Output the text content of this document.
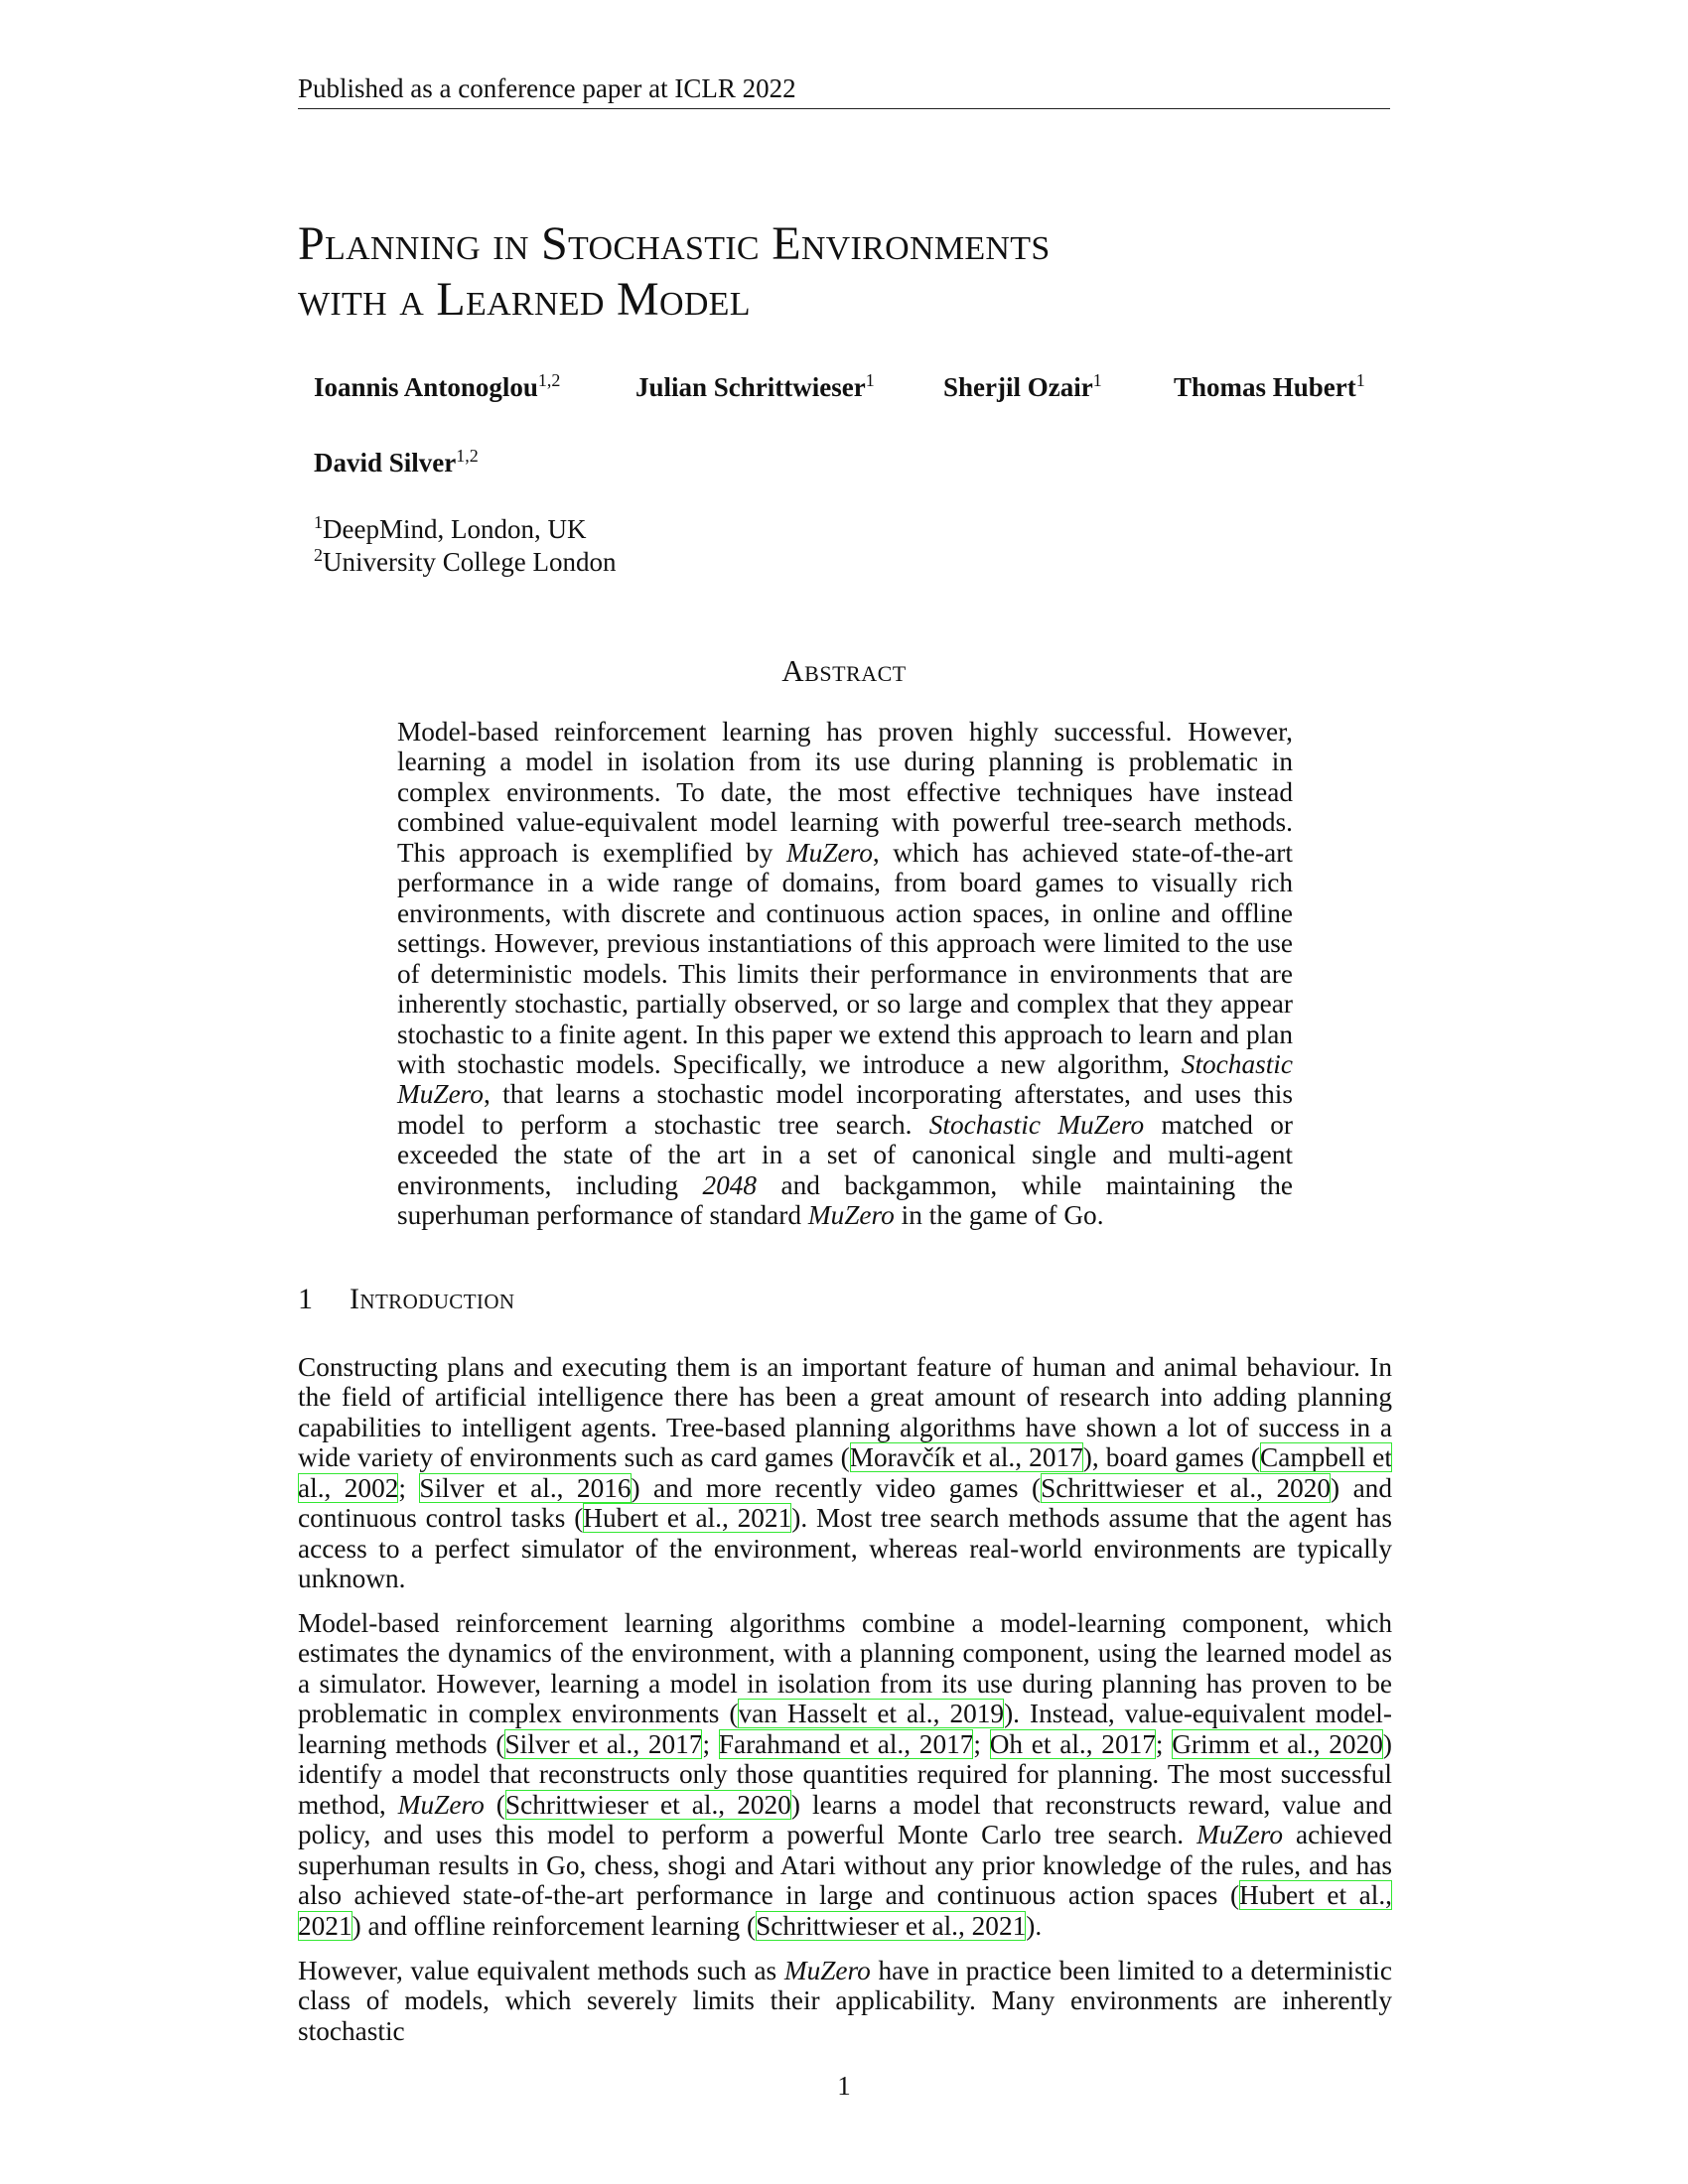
Published as a conference paper at ICLR 2022
Planning in Stochastic Environments
with a Learned Model
Ioannis Antonoglou$^{1,2}$	Julian Schrittwieser$^1$	Sherjil Ozair$^1$	Thomas Hubert$^1$
David Silver$^{1,2}$
$^1$DeepMind, London, UK
$^2$University College London
Abstract

Model-based reinforcement learning has proven highly successful. However, learning a model in isolation from its use during planning is problematic in complex environments. To date, the most effective techniques have instead combined value-equivalent model learning with powerful tree-search methods. This approach is exemplified by MuZero, which has achieved state-of-the-art performance in a wide range of domains, from board games to visually rich environments, with discrete and continuous action spaces, in online and offline settings. However, previous instantiations of this approach were limited to the use of deterministic models. This limits their performance in environments that are inherently stochastic, partially observed, or so large and complex that they appear stochastic to a finite agent. In this paper we extend this approach to learn and plan with stochastic models. Specifically, we introduce a new algorithm, Stochastic MuZero, that learns a stochastic model incorporating afterstates, and uses this model to perform a stochastic tree search. Stochastic MuZero matched or exceeded the state of the art in a set of canonical single and multi-agent environments, including 2048 and backgammon, while maintaining the superhuman performance of standard MuZero in the game of Go.

1 Introduction

Constructing plans and executing them is an important feature of human and animal behaviour. In the field of artificial intelligence there has been a great amount of research into adding planning capabilities to intelligent agents. Tree-based planning algorithms have shown a lot of success in a wide variety of environments such as card games (Moravčík et al., 2017), board games (Campbell et al., 2002; Silver et al., 2016) and more recently video games (Schrittwieser et al., 2020) and continuous control tasks (Hubert et al., 2021). Most tree search methods assume that the agent has access to a perfect simulator of the environment, whereas real-world environments are typically unknown.

Model-based reinforcement learning algorithms combine a model-learning component, which estimates the dynamics of the environment, with a planning component, using the learned model as a simulator. However, learning a model in isolation from its use during planning has proven to be problematic in complex environments (van Hasselt et al., 2019). Instead, value-equivalent model-learning methods (Silver et al., 2017; Farahmand et al., 2017; Oh et al., 2017; Grimm et al., 2020) identify a model that reconstructs only those quantities required for planning. The most successful method, MuZero (Schrittwieser et al., 2020) learns a model that reconstructs reward, value and policy, and uses this model to perform a powerful Monte Carlo tree search. MuZero achieved superhuman results in Go, chess, shogi and Atari without any prior knowledge of the rules, and has also achieved state-of-the-art performance in large and continuous action spaces (Hubert et al., 2021) and offline reinforcement learning (Schrittwieser et al., 2021).

However, value equivalent methods such as MuZero have in practice been limited to a deterministic class of models, which severely limits their applicability. Many environments are inherently stochastic

1
